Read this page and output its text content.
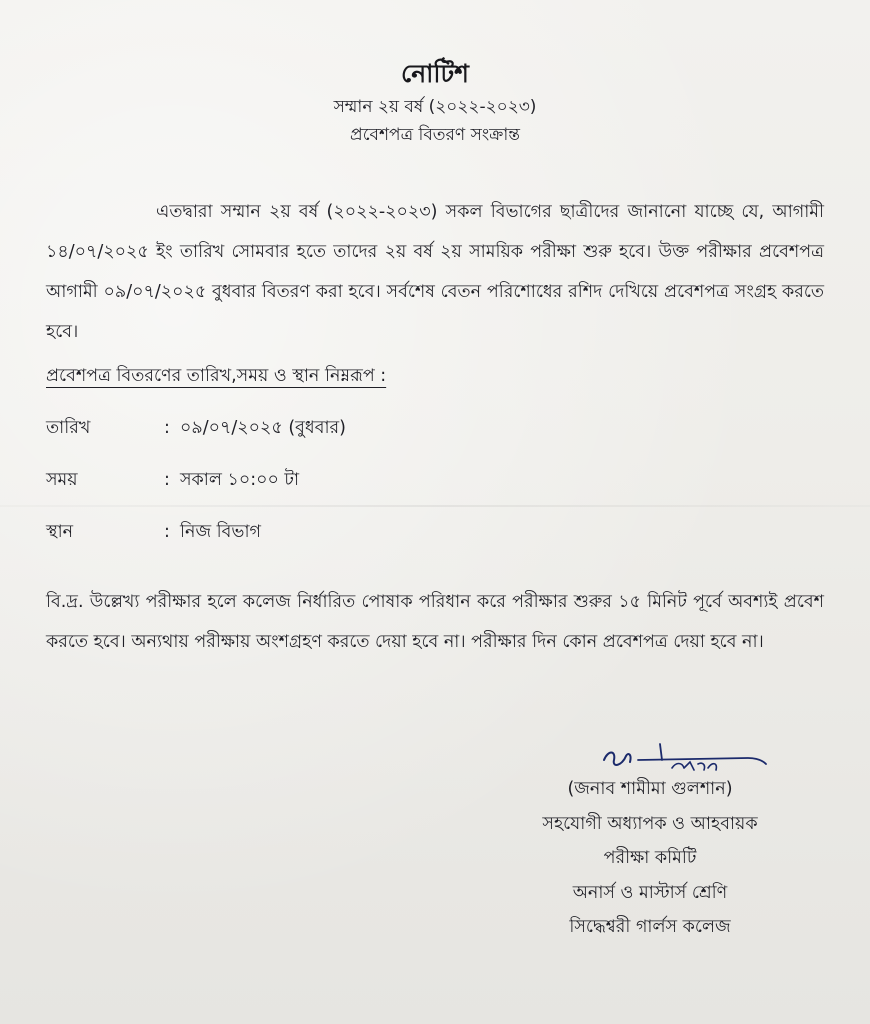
নোটিশ
সম্মান ২য় বর্ষ (২০২২-২০২৩)
প্রবেশপত্র বিতরণ সংক্রান্ত
এতদ্বারা সম্মান ২য় বর্ষ (২০২২-২০২৩) সকল বিভাগের ছাত্রীদের জানানো যাচ্ছে যে, আগামী ১৪/০৭/২০২৫ ইং তারিখ সোমবার হতে তাদের ২য় বর্ষ ২য় সাময়িক পরীক্ষা শুরু হবে। উক্ত পরীক্ষার প্রবেশপত্র আগামী ০৯/০৭/২০২৫ বুধবার বিতরণ করা হবে। সর্বশেষ বেতন পরিশোধের রশিদ দেখিয়ে প্রবেশপত্র সংগ্রহ করতে হবে।
প্রবেশপত্র বিতরণের তারিখ,সময় ও স্থান নিম্নরূপ :
তারিখ	: ০৯/০৭/২০২৫ (বুধবার)
সময়	: সকাল ১০:০০ টা
স্থান	: নিজ বিভাগ
বি.দ্র. উল্লেখ্য পরীক্ষার হলে কলেজ নির্ধারিত পোষাক পরিধান করে পরীক্ষার শুরুর ১৫ মিনিট পূর্বে অবশ্যই প্রবেশ করতে হবে। অন্যথায় পরীক্ষায় অংশগ্রহণ করতে দেয়া হবে না। পরীক্ষার দিন কোন প্রবেশপত্র দেয়া হবে না।
(জনাব শামীমা গুলশান)
সহযোগী অধ্যাপক ও আহবায়ক
পরীক্ষা কমিটি
অনার্স ও মাস্টার্স শ্রেণি
সিদ্ধেশ্বরী গার্লস কলেজ
